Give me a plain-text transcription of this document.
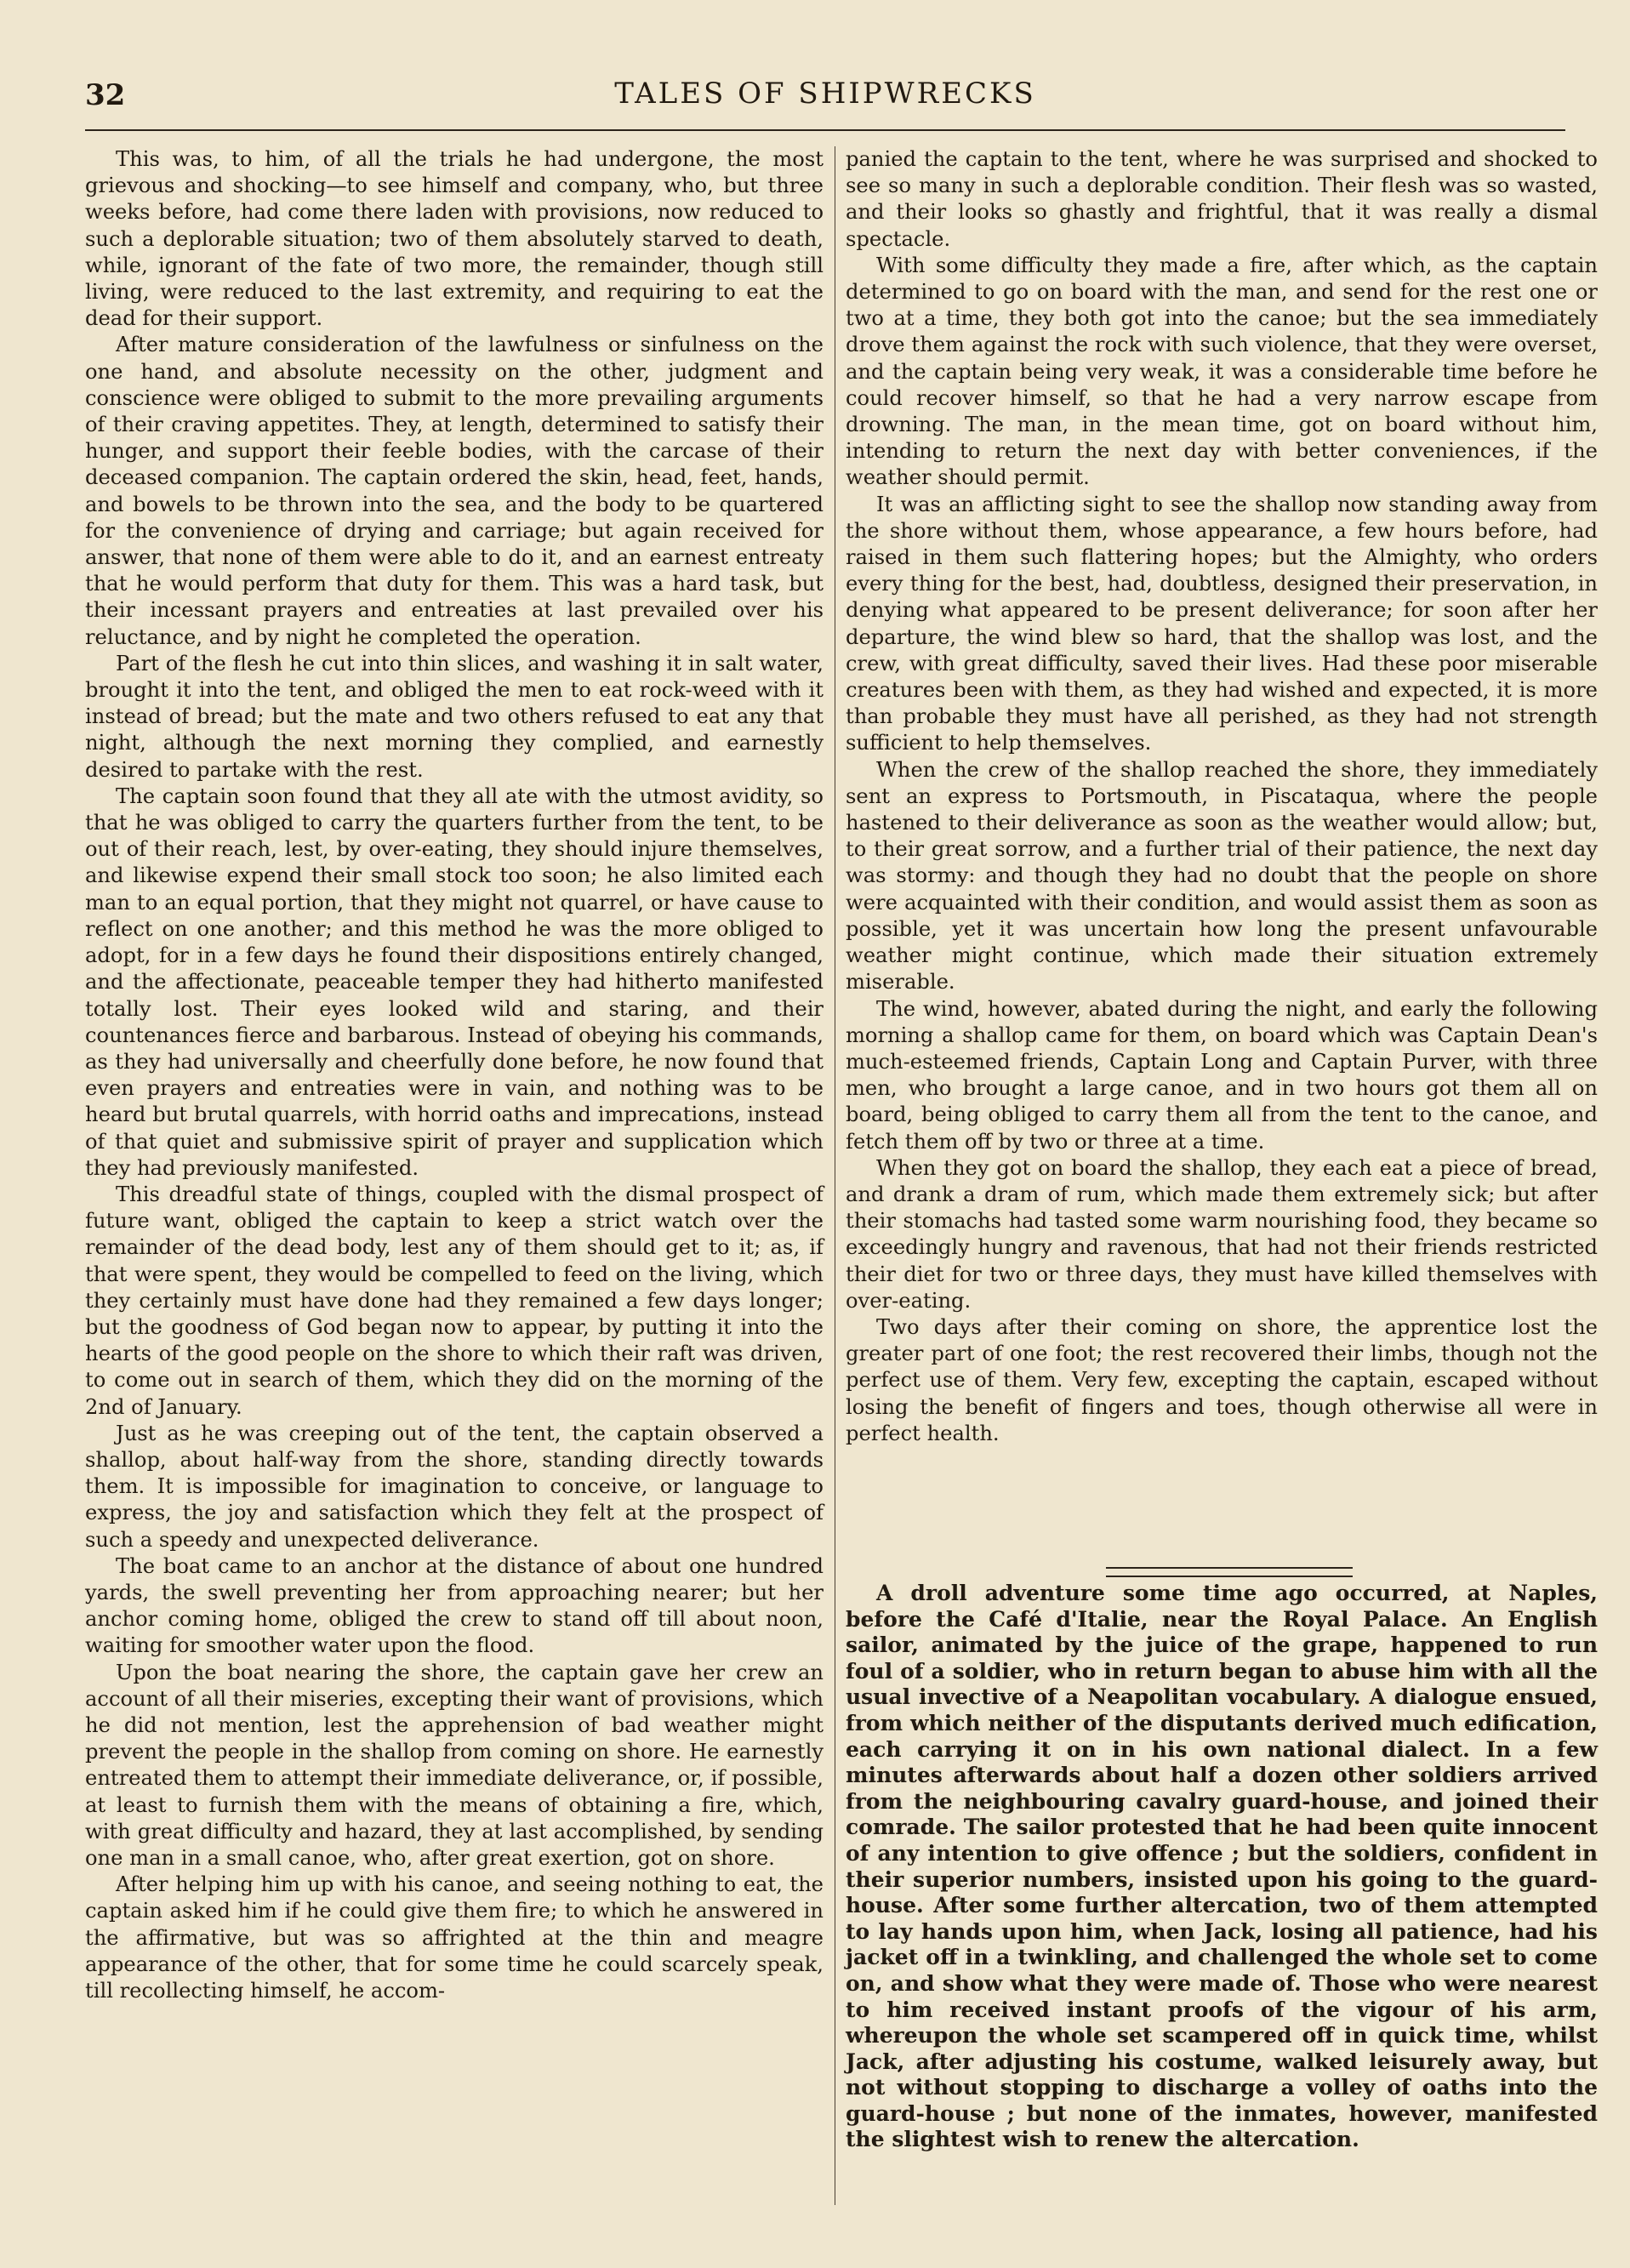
32	TALES OF SHIPWRECKS

This was, to him, of all the trials he had undergone, the most grievous and shocking—to see himself and company, who, but three weeks before, had come there laden with provisions, now reduced to such a deplorable situation; two of them absolutely starved to death, while, ignorant of the fate of two more, the remainder, though still living, were reduced to the last extremity, and requiring to eat the dead for their support.

After mature consideration of the lawfulness or sinfulness on the one hand, and absolute necessity on the other, judgment and conscience were obliged to submit to the more prevailing arguments of their craving appetites. They, at length, determined to satisfy their hunger, and support their feeble bodies, with the carcase of their deceased companion. The captain ordered the skin, head, feet, hands, and bowels to be thrown into the sea, and the body to be quartered for the convenience of drying and carriage; but again received for answer, that none of them were able to do it, and an earnest entreaty that he would perform that duty for them. This was a hard task, but their incessant prayers and entreaties at last prevailed over his reluctance, and by night he completed the operation.

Part of the flesh he cut into thin slices, and washing it in salt water, brought it into the tent, and obliged the men to eat rock-weed with it instead of bread; but the mate and two others refused to eat any that night, although the next morning they complied, and earnestly desired to partake with the rest.

The captain soon found that they all ate with the utmost avidity, so that he was obliged to carry the quarters further from the tent, to be out of their reach, lest, by over-eating, they should injure themselves, and likewise expend their small stock too soon; he also limited each man to an equal portion, that they might not quarrel, or have cause to reflect on one another; and this method he was the more obliged to adopt, for in a few days he found their dispositions entirely changed, and the affectionate, peaceable temper they had hitherto manifested totally lost. Their eyes looked wild and staring, and their countenances fierce and barbarous. Instead of obeying his commands, as they had universally and cheerfully done before, he now found that even prayers and entreaties were in vain, and nothing was to be heard but brutal quarrels, with horrid oaths and imprecations, instead of that quiet and submissive spirit of prayer and supplication which they had previously manifested.

This dreadful state of things, coupled with the dismal prospect of future want, obliged the captain to keep a strict watch over the remainder of the dead body, lest any of them should get to it; as, if that were spent, they would be compelled to feed on the living, which they certainly must have done had they remained a few days longer; but the goodness of God began now to appear, by putting it into the hearts of the good people on the shore to which their raft was driven, to come out in search of them, which they did on the morning of the 2nd of January.

Just as he was creeping out of the tent, the captain observed a shallop, about half-way from the shore, standing directly towards them. It is impossible for imagination to conceive, or language to express, the joy and satisfaction which they felt at the prospect of such a speedy and unexpected deliverance.

The boat came to an anchor at the distance of about one hundred yards, the swell preventing her from approaching nearer; but her anchor coming home, obliged the crew to stand off till about noon, waiting for smoother water upon the flood.

Upon the boat nearing the shore, the captain gave her crew an account of all their miseries, excepting their want of provisions, which he did not mention, lest the apprehension of bad weather might prevent the people in the shallop from coming on shore. He earnestly entreated them to attempt their immediate deliverance, or, if possible, at least to furnish them with the means of obtaining a fire, which, with great difficulty and hazard, they at last accomplished, by sending one man in a small canoe, who, after great exertion, got on shore.

After helping him up with his canoe, and seeing nothing to eat, the captain asked him if he could give them fire; to which he answered in the affirmative, but was so affrighted at the thin and meagre appearance of the other, that for some time he could scarcely speak, till recollecting himself, he accom-

panied the captain to the tent, where he was surprised and shocked to see so many in such a deplorable condition. Their flesh was so wasted, and their looks so ghastly and frightful, that it was really a dismal spectacle.

With some difficulty they made a fire, after which, as the captain determined to go on board with the man, and send for the rest one or two at a time, they both got into the canoe; but the sea immediately drove them against the rock with such violence, that they were overset, and the captain being very weak, it was a considerable time before he could recover himself, so that he had a very narrow escape from drowning. The man, in the mean time, got on board without him, intending to return the next day with better conveniences, if the weather should permit.

It was an afflicting sight to see the shallop now standing away from the shore without them, whose appearance, a few hours before, had raised in them such flattering hopes; but the Almighty, who orders every thing for the best, had, doubtless, designed their preservation, in denying what appeared to be present deliverance; for soon after her departure, the wind blew so hard, that the shallop was lost, and the crew, with great difficulty, saved their lives. Had these poor miserable creatures been with them, as they had wished and expected, it is more than probable they must have all perished, as they had not strength sufficient to help themselves.

When the crew of the shallop reached the shore, they immediately sent an express to Portsmouth, in Piscataqua, where the people hastened to their deliverance as soon as the weather would allow; but, to their great sorrow, and a further trial of their patience, the next day was stormy: and though they had no doubt that the people on shore were acquainted with their condition, and would assist them as soon as possible, yet it was uncertain how long the present unfavourable weather might continue, which made their situation extremely miserable.

The wind, however, abated during the night, and early the following morning a shallop came for them, on board which was Captain Dean's much-esteemed friends, Captain Long and Captain Purver, with three men, who brought a large canoe, and in two hours got them all on board, being obliged to carry them all from the tent to the canoe, and fetch them off by two or three at a time.

When they got on board the shallop, they each eat a piece of bread, and drank a dram of rum, which made them extremely sick; but after their stomachs had tasted some warm nourishing food, they became so exceedingly hungry and ravenous, that had not their friends restricted their diet for two or three days, they must have killed themselves with over-eating.

Two days after their coming on shore, the apprentice lost the greater part of one foot; the rest recovered their limbs, though not the perfect use of them. Very few, excepting the captain, escaped without losing the benefit of fingers and toes, though otherwise all were in perfect health.

A droll adventure some time ago occurred, at Naples, before the Café d'Italie, near the Royal Palace. An English sailor, animated by the juice of the grape, happened to run foul of a soldier, who in return began to abuse him with all the usual invective of a Neapolitan vocabulary. A dialogue ensued, from which neither of the disputants derived much edification, each carrying it on in his own national dialect. In a few minutes afterwards about half a dozen other soldiers arrived from the neighbouring cavalry guard-house, and joined their comrade. The sailor protested that he had been quite innocent of any intention to give offence ; but the soldiers, confident in their superior numbers, insisted upon his going to the guard-house. After some further altercation, two of them attempted to lay hands upon him, when Jack, losing all patience, had his jacket off in a twinkling, and challenged the whole set to come on, and show what they were made of. Those who were nearest to him received instant proofs of the vigour of his arm, whereupon the whole set scampered off in quick time, whilst Jack, after adjusting his costume, walked leisurely away, but not without stopping to discharge a volley of oaths into the guard-house ; but none of the inmates, however, manifested the slightest wish to renew the altercation.
